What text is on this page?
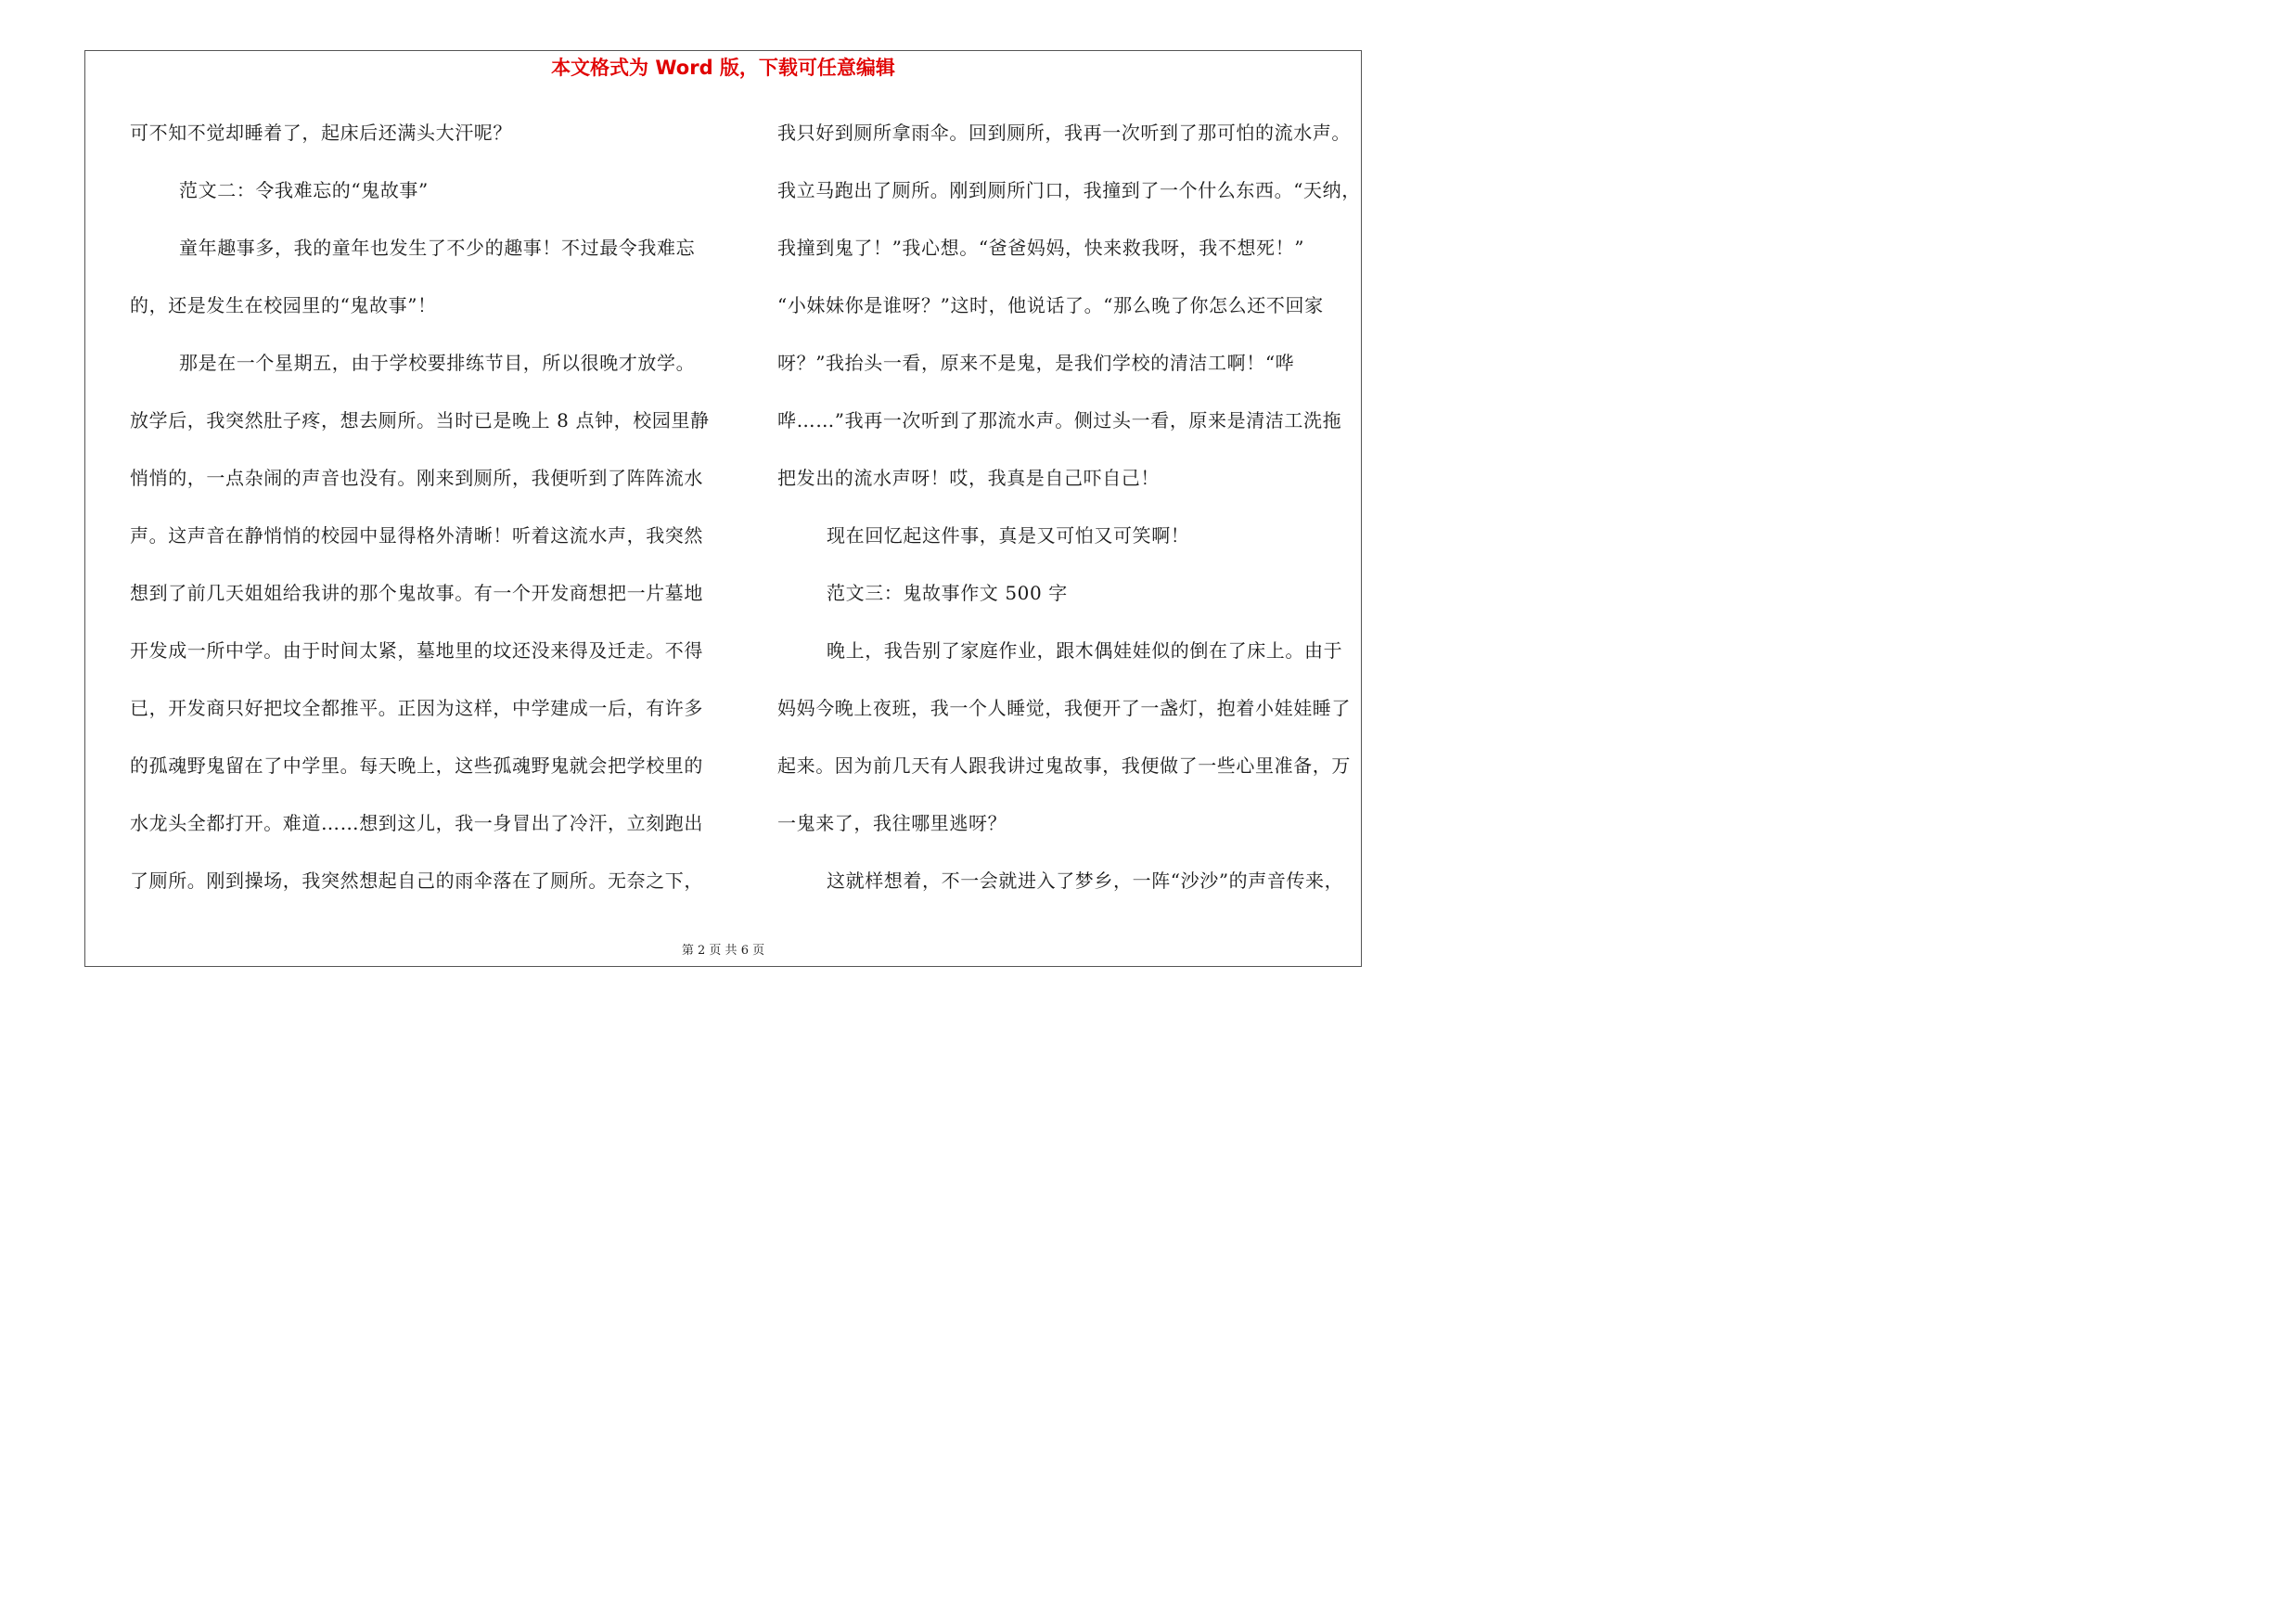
本文格式为 Word 版，下载可任意编辑
可不知不觉却睡着了，起床后还满头大汗呢？
范文二：令我难忘的“鬼故事”
童年趣事多，我的童年也发生了不少的趣事！不过最令我难忘
的，还是发生在校园里的“鬼故事”！
那是在一个星期五，由于学校要排练节目，所以很晚才放学。
放学后，我突然肚子疼，想去厕所。当时已是晚上 8 点钟，校园里静
悄悄的，一点杂闹的声音也没有。刚来到厕所，我便听到了阵阵流水
声。这声音在静悄悄的校园中显得格外清晰！听着这流水声，我突然
想到了前几天姐姐给我讲的那个鬼故事。有一个开发商想把一片墓地
开发成一所中学。由于时间太紧，墓地里的坟还没来得及迁走。不得
已，开发商只好把坟全都推平。正因为这样，中学建成一后，有许多
的孤魂野鬼留在了中学里。每天晚上，这些孤魂野鬼就会把学校里的
水龙头全都打开。难道……想到这儿，我一身冒出了冷汗，立刻跑出
了厕所。刚到操场，我突然想起自己的雨伞落在了厕所。无奈之下，
我只好到厕所拿雨伞。回到厕所，我再一次听到了那可怕的流水声。
我立马跑出了厕所。刚到厕所门口，我撞到了一个什么东西。“天纳，
我撞到鬼了！”我心想。“爸爸妈妈，快来救我呀，我不想死！”
“小妹妹你是谁呀？”这时，他说话了。“那么晚了你怎么还不回家
呀？”我抬头一看，原来不是鬼，是我们学校的清洁工啊！“哗
哗……”我再一次听到了那流水声。侧过头一看，原来是清洁工洗拖
把发出的流水声呀！哎，我真是自己吓自己！
现在回忆起这件事，真是又可怕又可笑啊！
范文三：鬼故事作文 500 字
晚上，我告别了家庭作业，跟木偶娃娃似的倒在了床上。由于
妈妈今晚上夜班，我一个人睡觉，我便开了一盏灯，抱着小娃娃睡了
起来。因为前几天有人跟我讲过鬼故事，我便做了一些心里准备，万
一鬼来了，我往哪里逃呀？
这就样想着，不一会就进入了梦乡，一阵“沙沙”的声音传来，
第 2 页 共 6 页
